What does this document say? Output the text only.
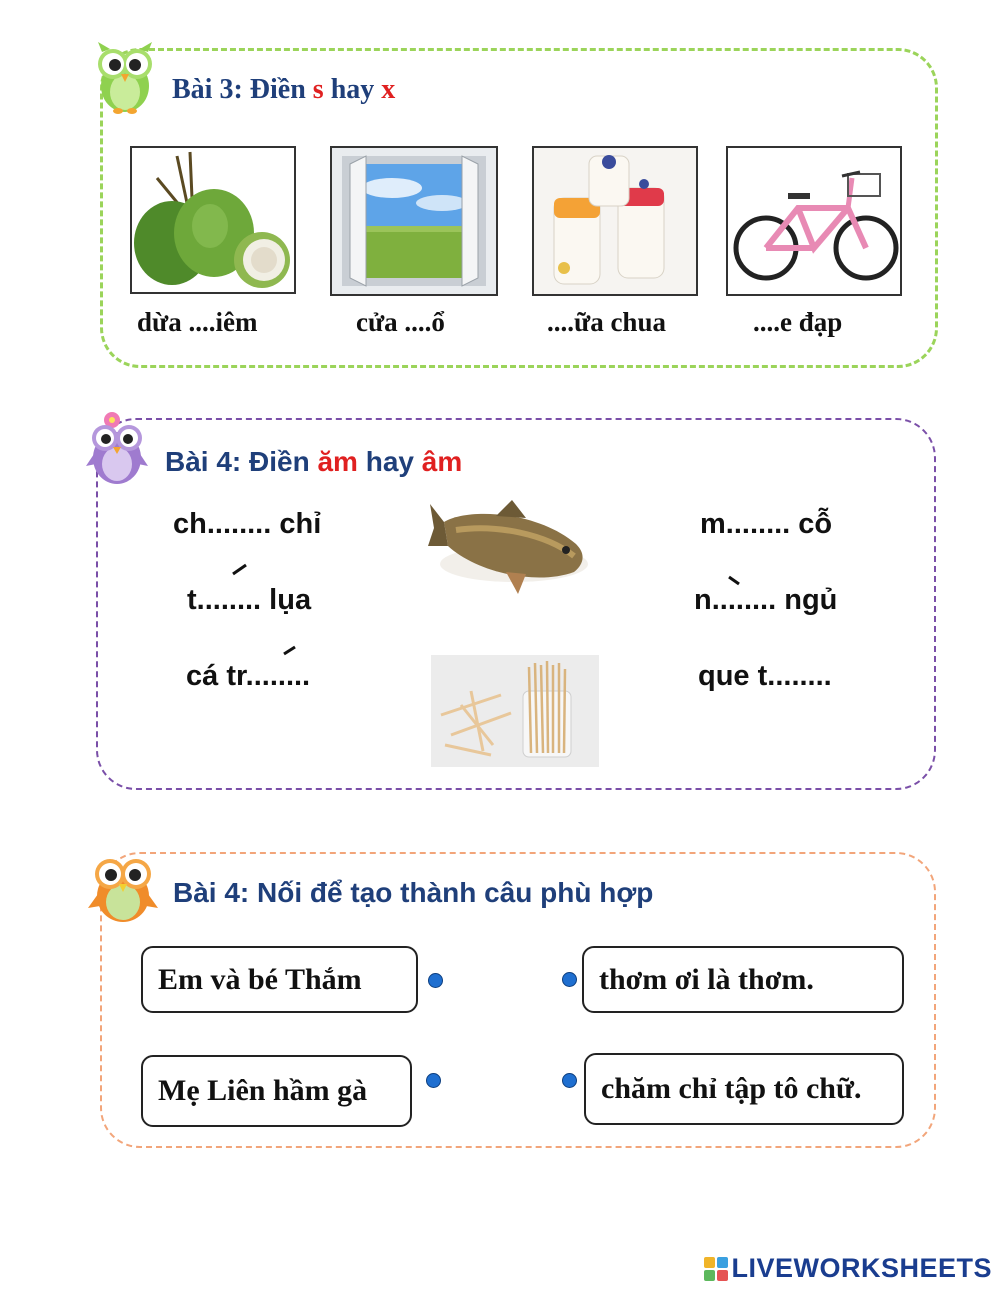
Bài 3: Điền s hay x
dừa ....iêm	cửa ....ổ	....ữa chua	....e đạp
Bài 4: Điền ăm hay âm
ch........ chỉ
t........ lụa
cá tr........
m........ cỗ
n........ ngủ
que t........
Bài 4: Nối để tạo thành câu phù hợp
Em và bé Thắm
Mẹ Liên hầm gà
thơm ơi là thơm.
chăm chỉ tập tô chữ.
LIVEWORKSHEETS
